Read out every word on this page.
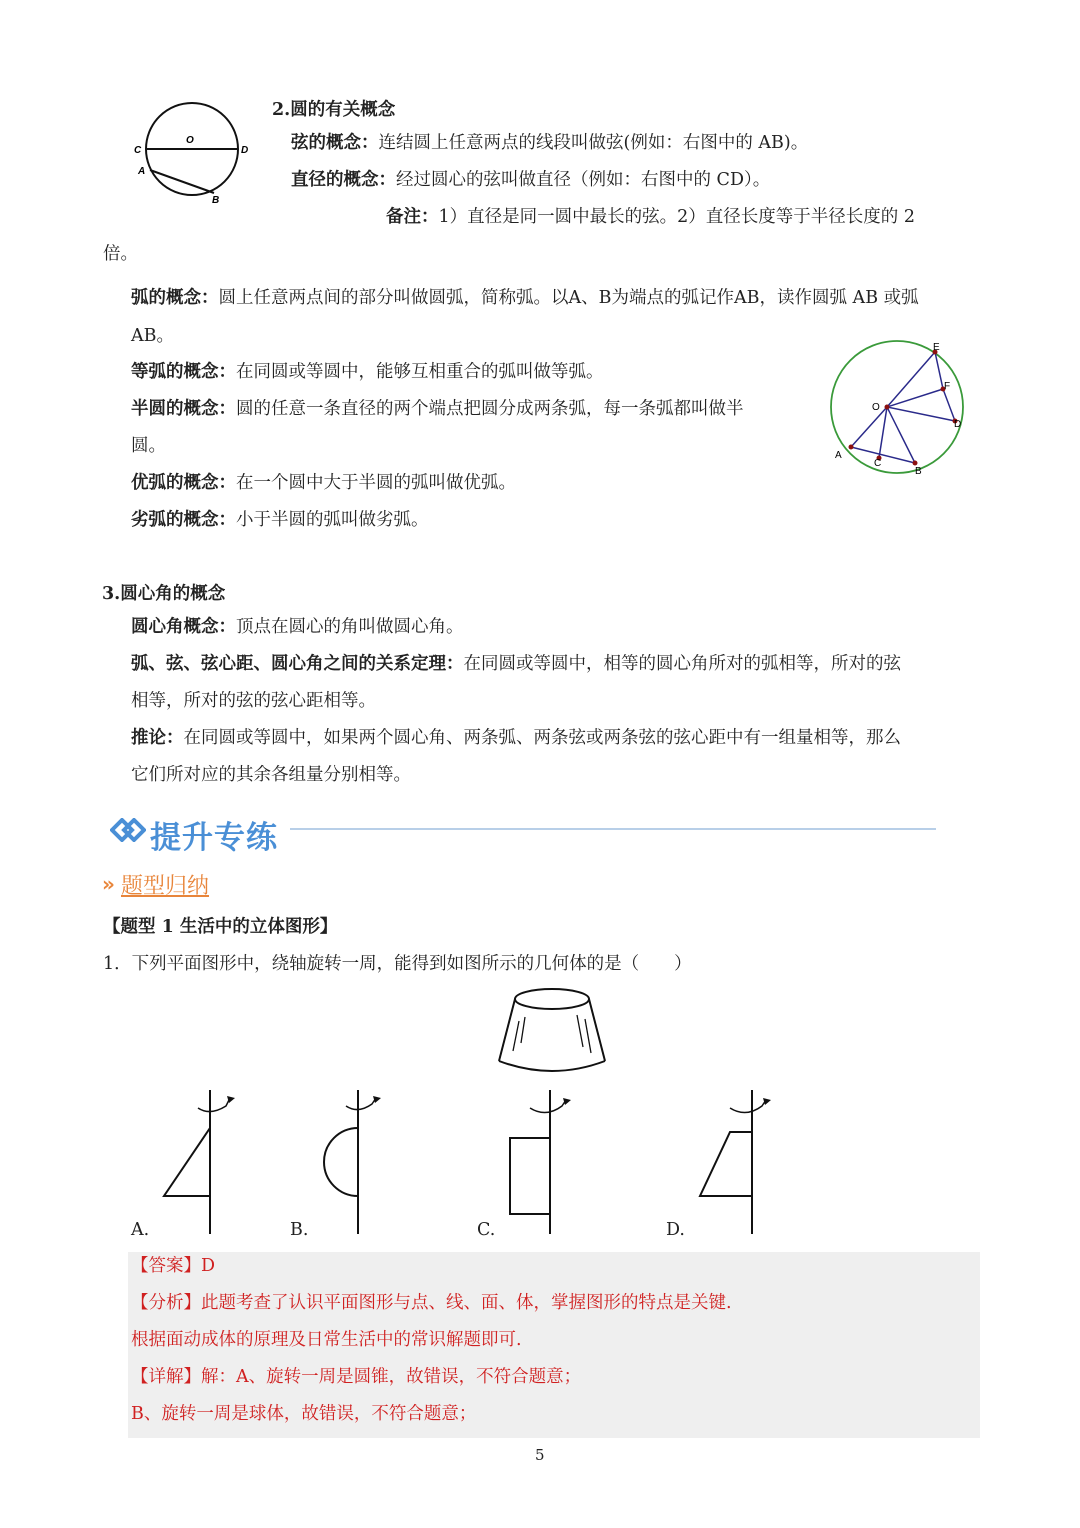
C
O
D
A
B
2.圆的有关概念
弦的概念：连结圆上任意两点的线段叫做弦(例如：右图中的 AB)。
直径的概念：经过圆心的弦叫做直径（例如：右图中的 CD）。
备注：1）直径是同一圆中最长的弦。2）直径长度等于半径长度的 2
倍。
弧的概念：圆上任意两点间的部分叫做圆弧，简称弧。以A、B为端点的弧记作AB，读作圆弧 AB 或弧
AB。
等弧的概念：在同圆或等圆中，能够互相重合的弧叫做等弧。
半圆的概念：圆的任意一条直径的两个端点把圆分成两条弧，每一条弧都叫做半
圆。
优弧的概念：在一个圆中大于半圆的弧叫做优弧。
劣弧的概念：小于半圆的弧叫做劣弧。
E
F
O
D
A
C
B
3.圆心角的概念
圆心角概念：顶点在圆心的角叫做圆心角。
弧、弦、弦心距、圆心角之间的关系定理：在同圆或等圆中，相等的圆心角所对的弧相等，所对的弦
相等，所对的弦的弦心距相等。
推论：在同圆或等圆中，如果两个圆心角、两条弧、两条弦或两条弦的弦心距中有一组量相等，那么
它们所对应的其余各组量分别相等。
提升专练
» 题型归纳
【题型 1 生活中的立体图形】
1．下列平面图形中，绕轴旋转一周，能得到如图所示的几何体的是（　　）
A.	B.	C.	D.
【答案】D
【分析】此题考查了认识平面图形与点、线、面、体，掌握图形的特点是关键.
根据面动成体的原理及日常生活中的常识解题即可.
【详解】解：A、旋转一周是圆锥，故错误，不符合题意；
B、旋转一周是球体，故错误，不符合题意；
5
